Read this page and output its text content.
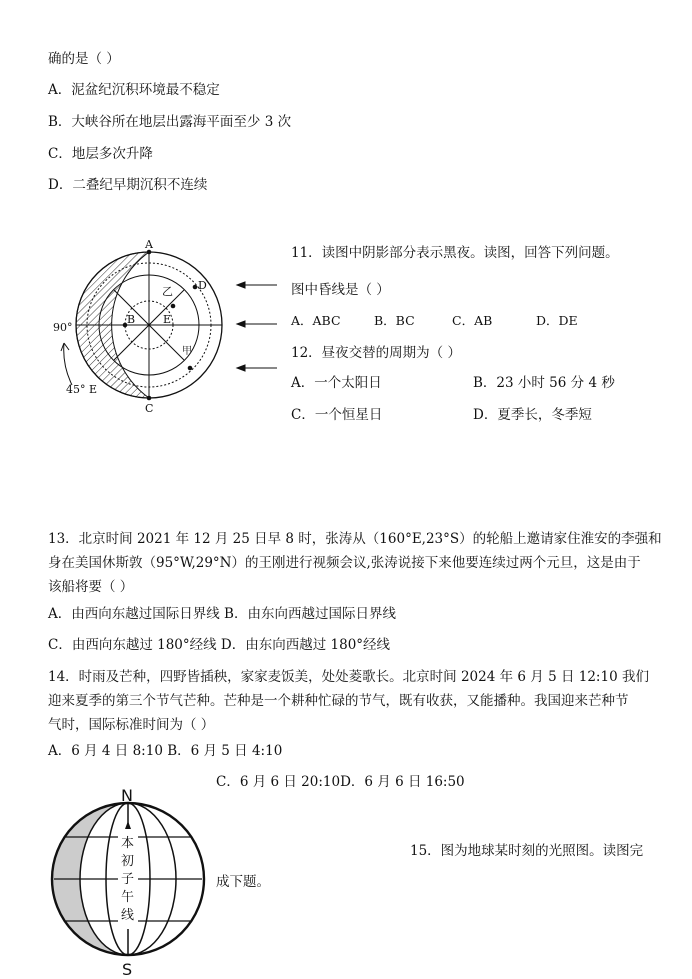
确的是（ ）
A．泥盆纪沉积环境最不稳定
B．大峡谷所在地层出露海平面至少 3 次
C．地层多次升降
D．二叠纪早期沉积不连续
A
C
B
D
E
乙
甲
90°
45° E
11．读图中阴影部分表示黑夜。读图，回答下列问题。
图中昏线是（ ）
A．ABC	B．BC	C．AB	D．DE
12．昼夜交替的周期为（ ）
A．一个太阳日	B．23 小时 56 分 4 秒
C．一个恒星日	D．夏季长，冬季短
13．北京时间 2021 年 12 月 25 日早 8 时，张涛从（160°E,23°S）的轮船上邀请家住淮安的李强和
身在美国休斯敦（95°W,29°N）的王刚进行视频会议,张涛说接下来他要连续过两个元旦，这是由于
该船将要（ ）
A．由西向东越过国际日界线 B．由东向西越过国际日界线
C．由西向东越过 180°经线 D．由东向西越过 180°经线
14．时雨及芒种，四野皆插秧，家家麦饭美，处处菱歌长。北京时间 2024 年 6 月 5 日 12:10 我们
迎来夏季的第三个节气芒种。芒种是一个耕种忙碌的节气，既有收获，又能播种。我国迎来芒种节
气时，国际标准时间为（ ）
A．6 月 4 日 8:10 B．6 月 5 日 4:10
C．6 月 6 日 20:10D．6 月 6 日 16:50
本
初
子
午
线
N
S
15．图为地球某时刻的光照图。读图完
成下题。
